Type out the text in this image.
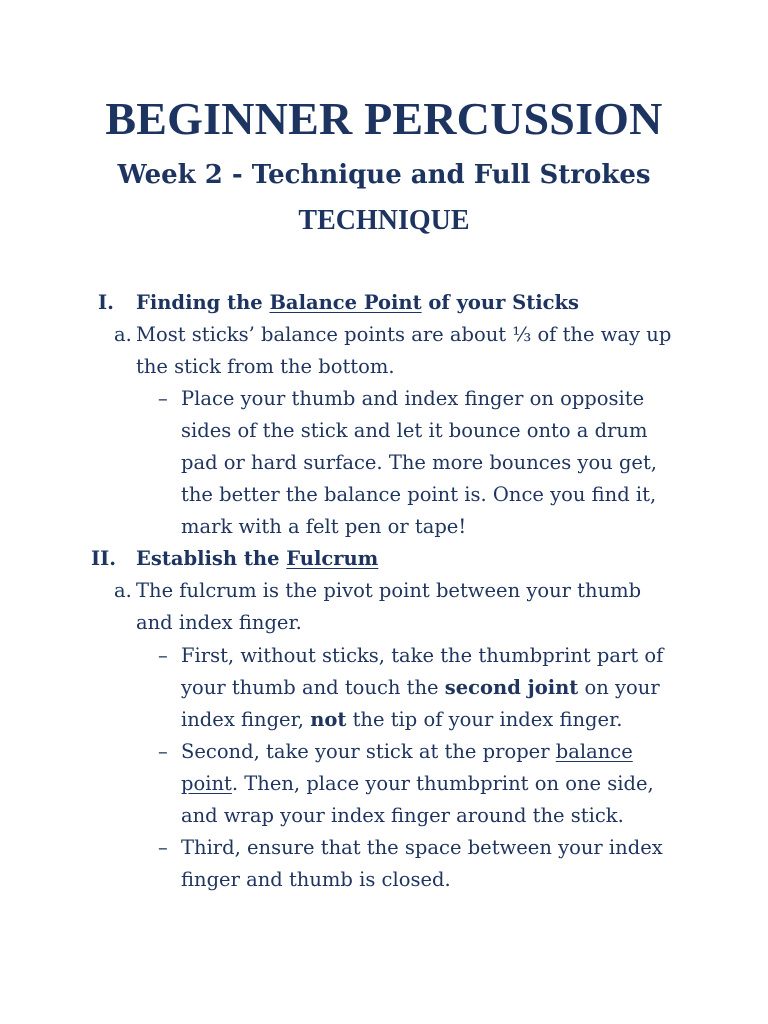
BEGINNER PERCUSSION
Week 2 - Technique and Full Strokes
TECHNIQUE
I. Finding the Balance Point of your Sticks
a. Most sticks’ balance points are about ⅓ of the way up
the stick from the bottom.
– Place your thumb and index finger on opposite
sides of the stick and let it bounce onto a drum
pad or hard surface. The more bounces you get,
the better the balance point is. Once you find it,
mark with a felt pen or tape!
II. Establish the Fulcrum
a. The fulcrum is the pivot point between your thumb
and index finger.
– First, without sticks, take the thumbprint part of
your thumb and touch the second joint on your
index finger, not the tip of your index finger.
– Second, take your stick at the proper balance
point. Then, place your thumbprint on one side,
and wrap your index finger around the stick.
– Third, ensure that the space between your index
finger and thumb is closed.
